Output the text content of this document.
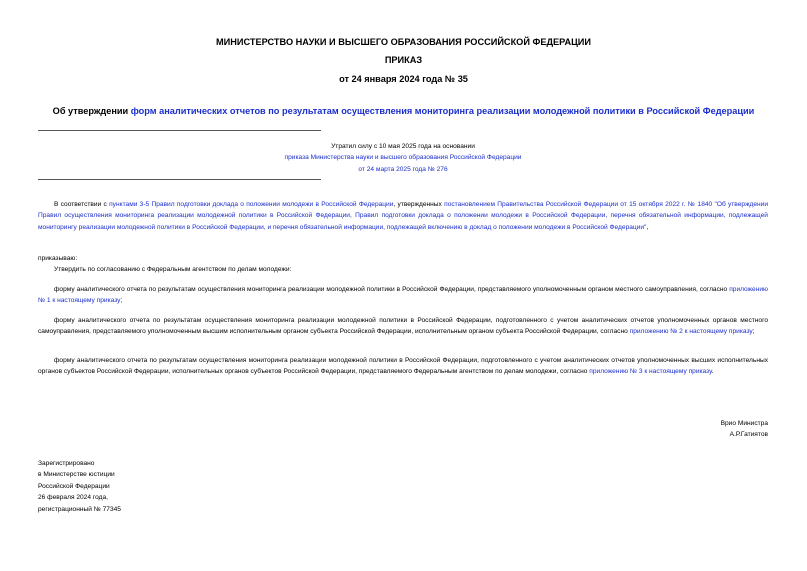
МИНИСТЕРСТВО НАУКИ И ВЫСШЕГО ОБРАЗОВАНИЯ РОССИЙСКОЙ ФЕДЕРАЦИИ
ПРИКАЗ
от 24 января 2024 года № 35
Об утверждении форм аналитических отчетов по результатам осуществления мониторинга реализации молодежной политики в Российской Федерации
Утратил силу с 10 мая 2025 года на основании
приказа Министерства науки и высшего образования Российской Федерации
от 24 марта 2025 года № 276
В соответствии с пунктами 3-5 Правил подготовки доклада о положении молодежи в Российской Федерации, утвержденных постановлением Правительства Российской Федерации от 15 октября 2022 г. № 1840 "Об утверждении Правил осуществления мониторинга реализации молодежной политики в Российской Федерации, Правил подготовки доклада о положении молодежи в Российской Федерации, перечня обязательной информации, подлежащей мониторингу реализации молодежной политики в Российской Федерации, и перечня обязательной информации, подлежащей включению в доклад о положении молодежи в Российской Федерации",
приказываю:
Утвердить по согласованию с Федеральным агентством по делам молодежи:
форму аналитического отчета по результатам осуществления мониторинга реализации молодежной политики в Российской Федерации, представляемого уполномоченным органом местного самоуправления, согласно приложению № 1 к настоящему приказу;
форму аналитического отчета по результатам осуществления мониторинга реализации молодежной политики в Российской Федерации, подготовленного с учетом аналитических отчетов уполномоченных органов местного самоуправления, представляемого уполномоченным высшим исполнительным органом субъекта Российской Федерации, исполнительным органом субъекта Российской Федерации, согласно приложению № 2 к настоящему приказу;
форму аналитического отчета по результатам осуществления мониторинга реализации молодежной политики в Российской Федерации, подготовленного с учетом аналитических отчетов уполномоченных высших исполнительных органов субъектов Российской Федерации, исполнительных органов субъектов Российской Федерации, представляемого Федеральным агентством по делам молодежи, согласно приложению № 3 к настоящему приказу.
Врио Министра
А.Р.Гатиятов
Зарегистрировано
в Министерстве юстиции
Российской Федерации
26 февраля 2024 года,
регистрационный № 77345
